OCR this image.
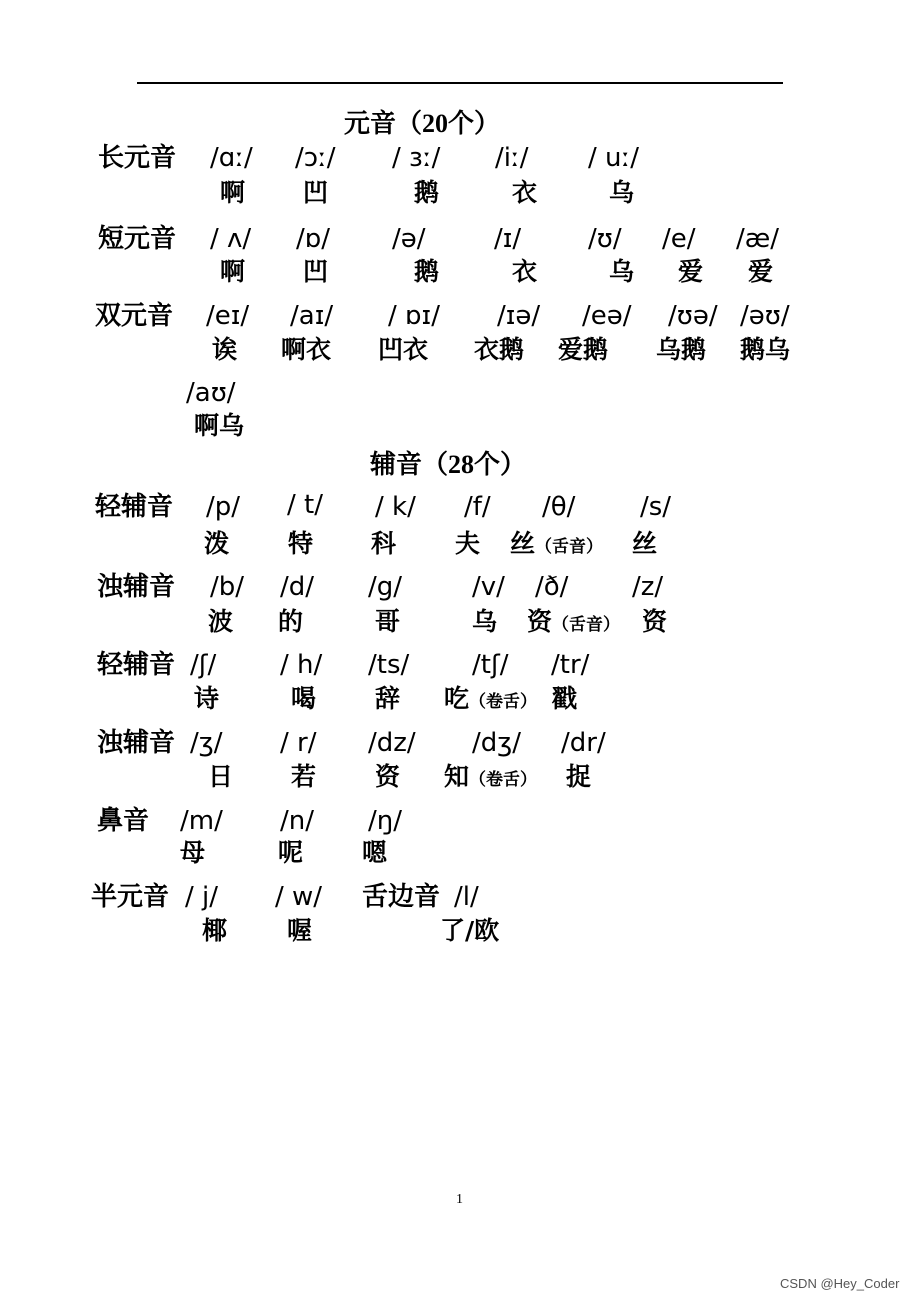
元音（20个）
长元音 /ɑː/ /ɔː/ / ɜː/ /iː/ / uː/
啊 凹	鹅	衣	乌
短元音 / ʌ/ /ɒ/ /ə/	/ɪ/	/ʊ/ /e/ /æ/
啊 凹	鹅	衣	乌 爱 爱
双元音 /eɪ/ /aɪ/ / ɒɪ/ /ɪə/ /eə/ /ʊə/ /əʊ/
诶 啊衣 凹衣 衣鹅 爱鹅 乌鹅 鹅乌
/aʊ/
啊乌
辅音（28个）
轻辅音 /p/ / t/ / k/ /f/ /θ/ /s/
泼 特 科 夫 丝（舌音） 丝
浊辅音 /b/ /d/ /g/	/v/ /ð/ /z/
波 的	哥	乌 资（舌音） 资
轻辅音 /ʃ/ / h/ /ts/ /tʃ/ /tr/
诗	喝 辞 吃（卷舌） 戳
浊辅音 /ʒ/ / r/ /dz/ /dʒ/ /dr/
日 若 资 知（卷舌） 捉
鼻音 /m/ /n/ /ŋ/
母	呢 嗯
半元音 / j/ / w/ 舌边音 /l/
椰 喔	了/欧
1
CSDN @Hey_Coder
